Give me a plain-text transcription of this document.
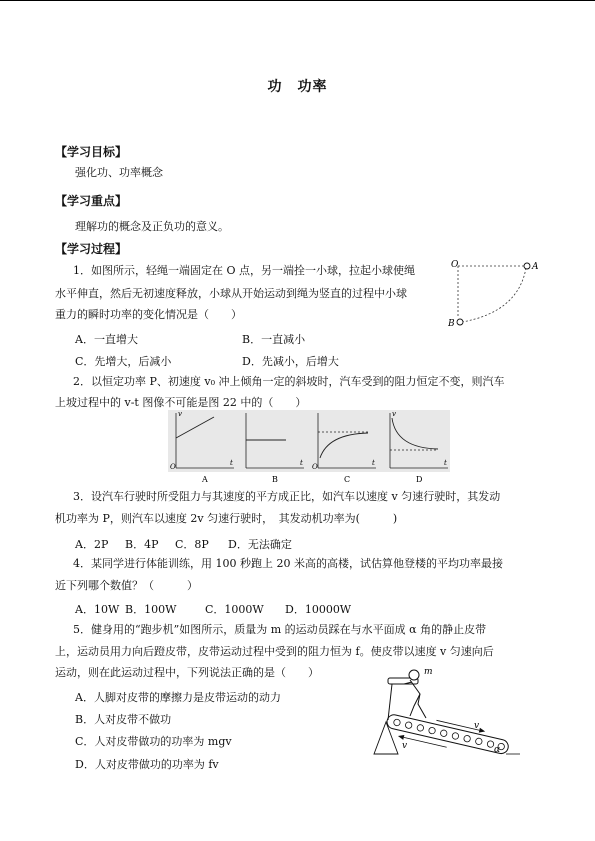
功　功率
【学习目标】
强化功、功率概念
【学习重点】
理解功的概念及正负功的意义。
【学习过程】
1．如图所示，轻绳一端固定在 O 点，另一端拴一小球，拉起小球使绳
水平伸直，然后无初速度释放，小球从开始运动到绳为竖直的过程中小球
重力的瞬时功率的变化情况是（　　）
A．一直增大	B．一直减小
C．先增大，后减小	D．先减小，后增大
O	A
B
2．以恒定功率 P、初速度 v₀ 冲上倾角一定的斜坡时，汽车受到的阻力恒定不变，则汽车
上坡过程中的 v-t 图像不可能是图 22 中的（　　）
O
v
t	t O	t
v
t
A	B	C	D
3．设汽车行驶时所受阻力与其速度的平方成正比，如汽车以速度 v 匀速行驶时，其发动
机功率为 P，则汽车以速度 2v 匀速行驶时，　其发动机功率为(　　　)
A．2P B．4P C．8P D．无法确定
4．某同学进行体能训练，用 100 秒跑上 20 米高的高楼，试估算他登楼的平均功率最接
近下列哪个数值？（　　　）
A．10W B．100W	C．1000W D．10000W
5．健身用的“跑步机”如图所示，质量为 m 的运动员踩在与水平面成 α 角的静止皮带
上，运动员用力向后蹬皮带，皮带运动过程中受到的阻力恒为 f。使皮带以速度 v 匀速向后
运动，则在此运动过程中，下列说法正确的是（　　）
A．人脚对皮带的摩擦力是皮带运动的动力
B．人对皮带不做功
C．人对皮带做功的功率为 mgv
D．人对皮带做功的功率为 fv
m
v
v	α
